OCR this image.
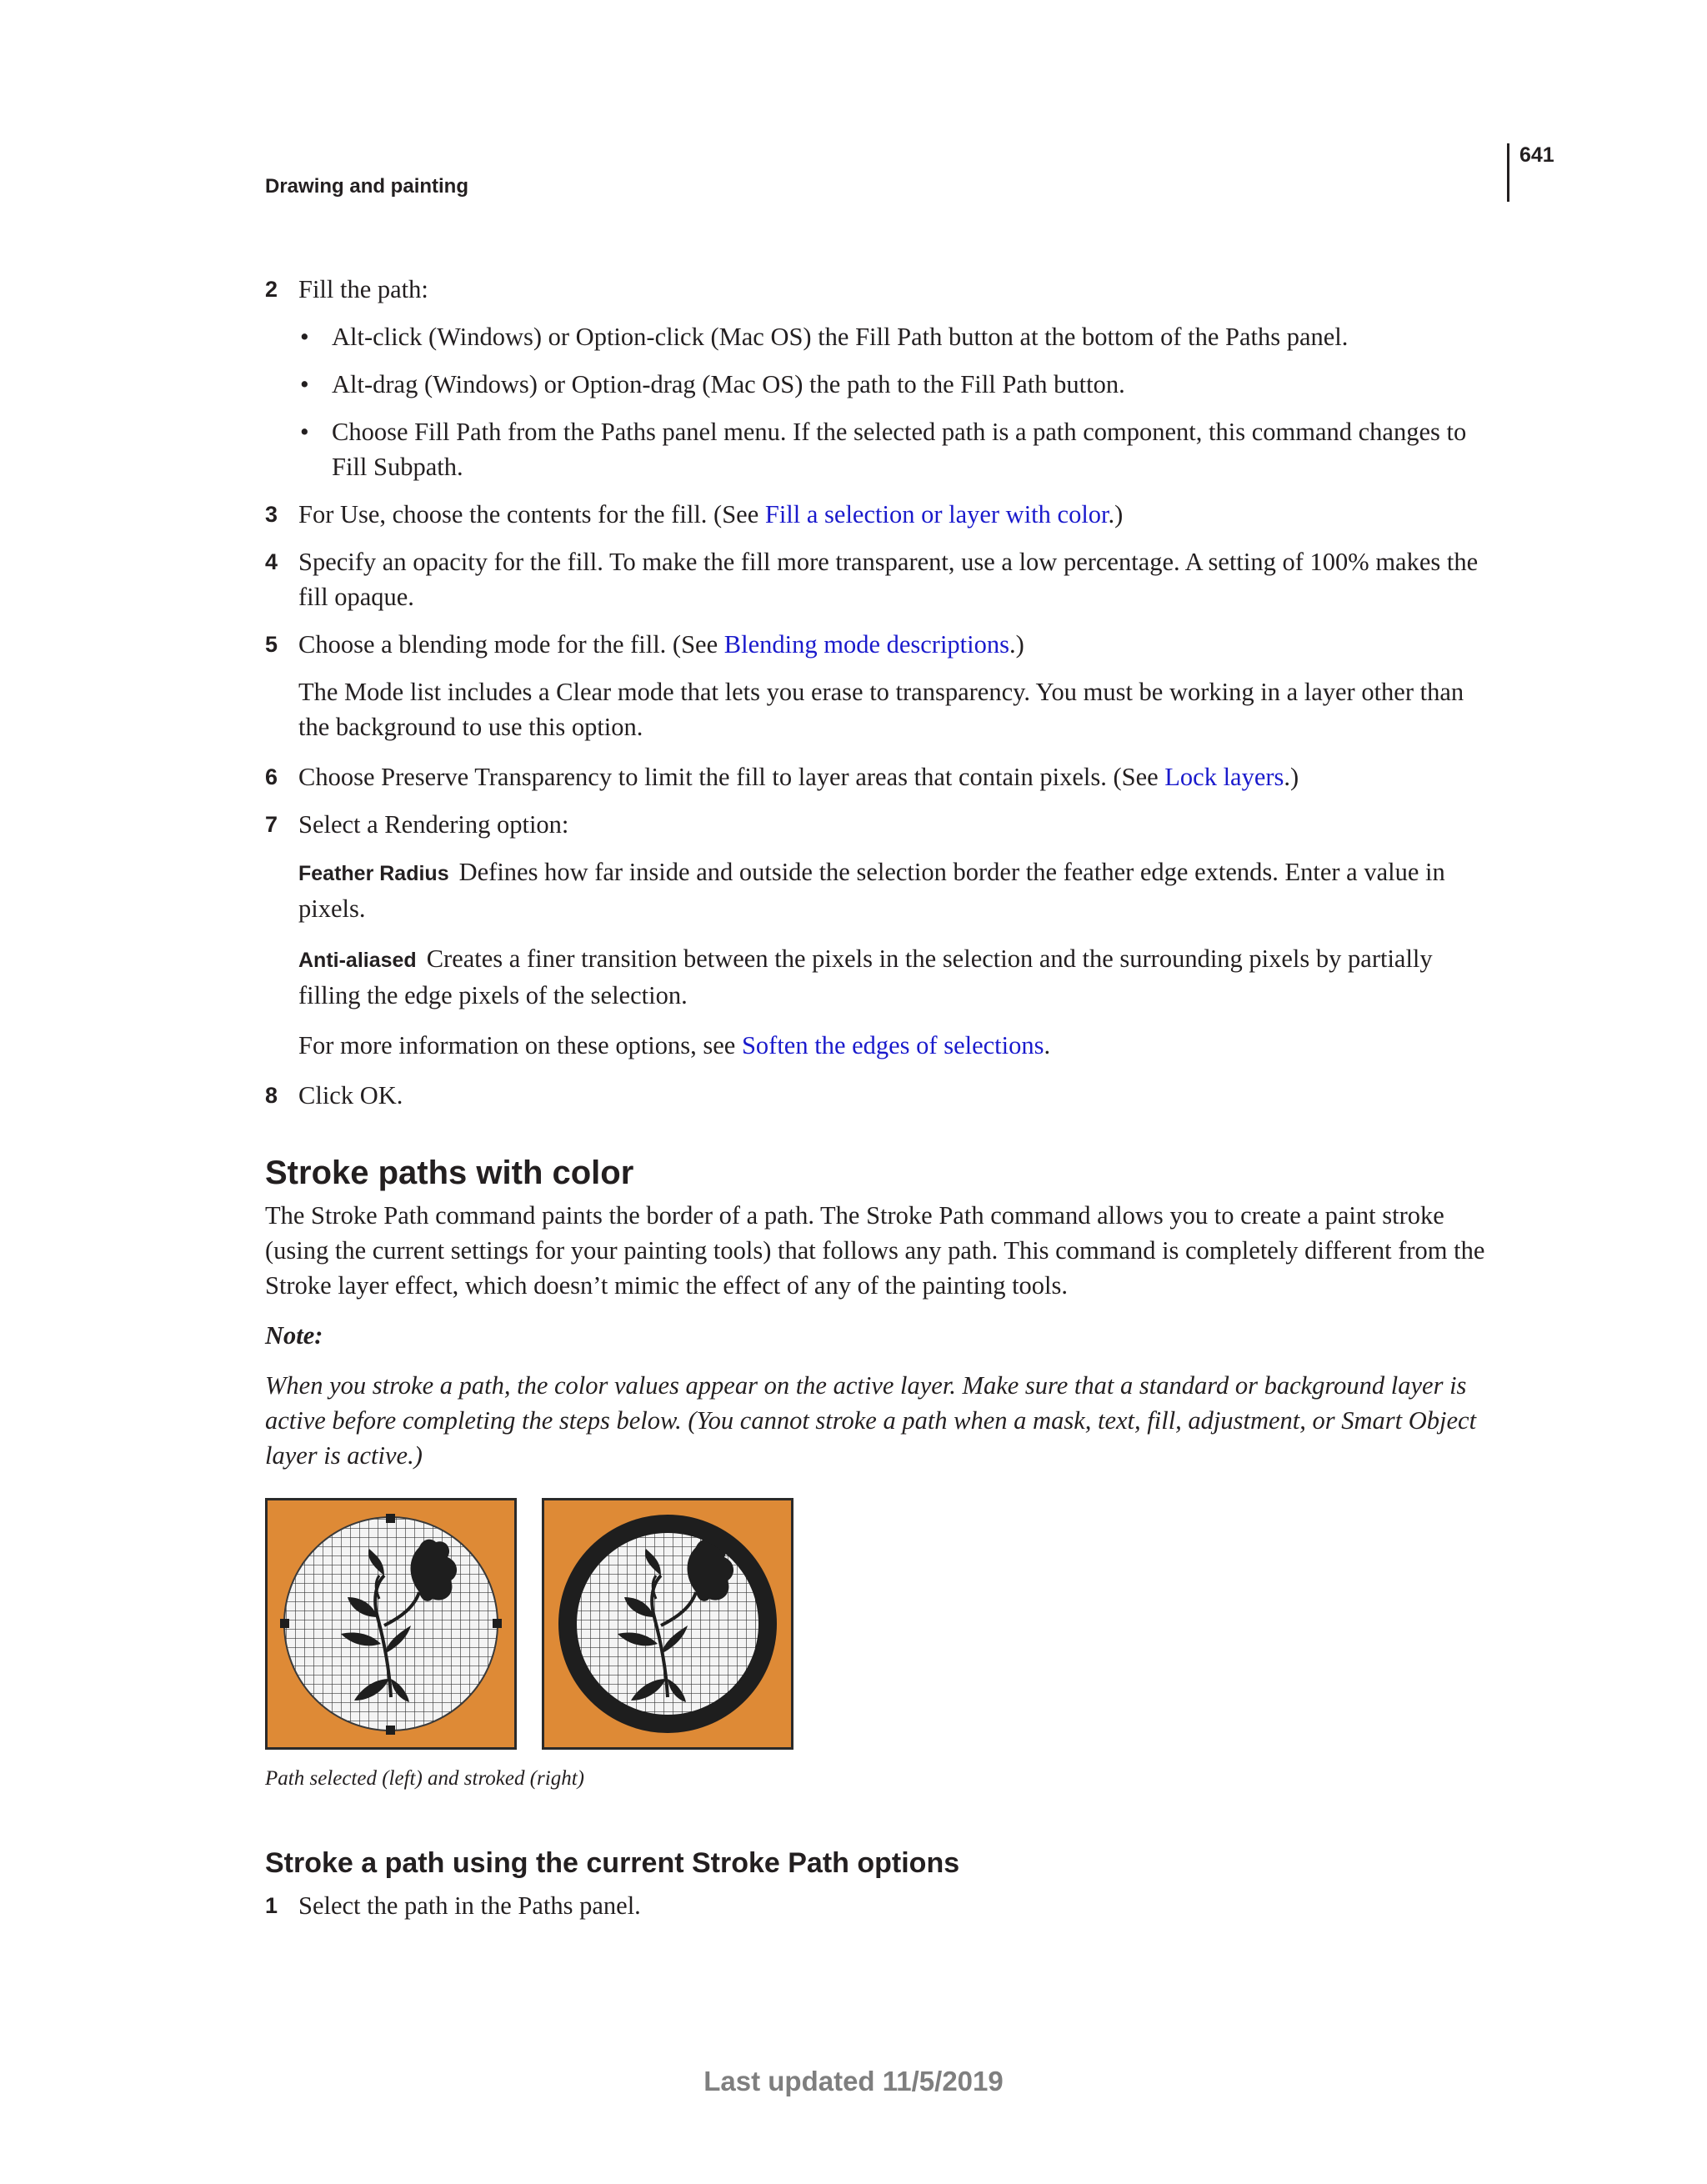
Drawing and painting
641
2 Fill the path:
• Alt-click (Windows) or Option-click (Mac OS) the Fill Path button at the bottom of the Paths panel.
• Alt-drag (Windows) or Option-drag (Mac OS) the path to the Fill Path button.
• Choose Fill Path from the Paths panel menu. If the selected path is a path component, this command changes to Fill Subpath.
3 For Use, choose the contents for the fill. (See Fill a selection or layer with color.)
4 Specify an opacity for the fill. To make the fill more transparent, use a low percentage. A setting of 100% makes the fill opaque.
5 Choose a blending mode for the fill. (See Blending mode descriptions.)
The Mode list includes a Clear mode that lets you erase to transparency. You must be working in a layer other than the background to use this option.
6 Choose Preserve Transparency to limit the fill to layer areas that contain pixels. (See Lock layers.)
7 Select a Rendering option:
Feather Radius Defines how far inside and outside the selection border the feather edge extends. Enter a value in pixels.
Anti-aliased Creates a finer transition between the pixels in the selection and the surrounding pixels by partially filling the edge pixels of the selection.
For more information on these options, see Soften the edges of selections.
8 Click OK.
Stroke paths with color
The Stroke Path command paints the border of a path. The Stroke Path command allows you to create a paint stroke (using the current settings for your painting tools) that follows any path. This command is completely different from the Stroke layer effect, which doesn’t mimic the effect of any of the painting tools.
Note:
When you stroke a path, the color values appear on the active layer. Make sure that a standard or background layer is active before completing the steps below. (You cannot stroke a path when a mask, text, fill, adjustment, or Smart Object layer is active.)
Path selected (left) and stroked (right)
Stroke a path using the current Stroke Path options
1 Select the path in the Paths panel.
Last updated 11/5/2019
